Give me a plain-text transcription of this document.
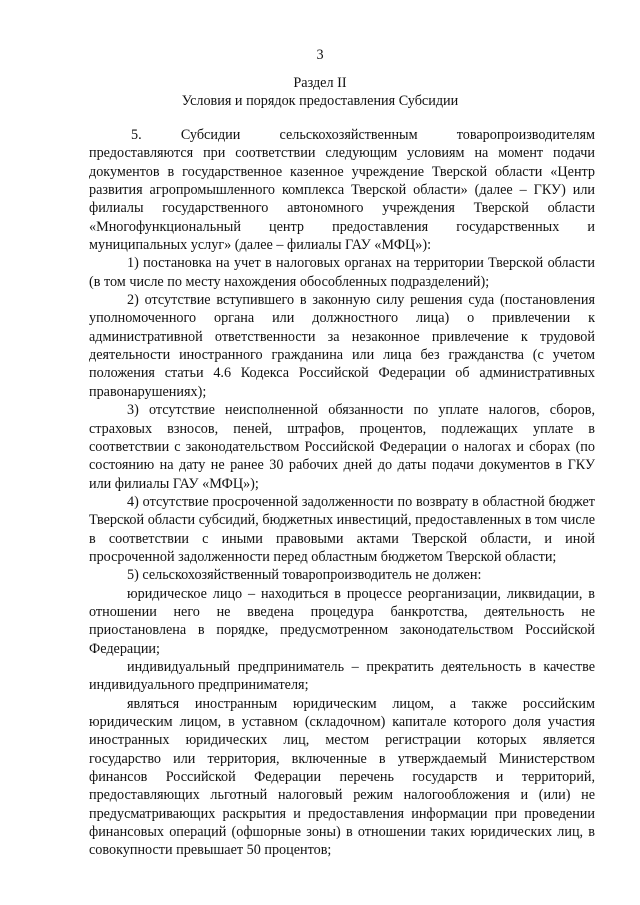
3
Раздел II
Условия и порядок предоставления Субсидии

5. Субсидии сельскохозяйственным товаропроизводителям предоставляются при соответствии следующим условиям на момент подачи документов в государственное казенное учреждение Тверской области «Центр развития агропромышленного комплекса Тверской области» (далее – ГКУ) или филиалы государственного автономного учреждения Тверской области «Многофункциональный центр предоставления государственных и муниципальных услуг» (далее – филиалы ГАУ «МФЦ»):

1) постановка на учет в налоговых органах на территории Тверской области (в том числе по месту нахождения обособленных подразделений);

2) отсутствие вступившего в законную силу решения суда (постановления уполномоченного органа или должностного лица) о привлечении к административной ответственности за незаконное привлечение к трудовой деятельности иностранного гражданина или лица без гражданства (с учетом положения статьи 4.6 Кодекса Российской Федерации об административных правонарушениях);

3) отсутствие неисполненной обязанности по уплате налогов, сборов, страховых взносов, пеней, штрафов, процентов, подлежащих уплате в соответствии с законодательством Российской Федерации о налогах и сборах (по состоянию на дату не ранее 30 рабочих дней до даты подачи документов в ГКУ или филиалы ГАУ «МФЦ»);

4) отсутствие просроченной задолженности по возврату в областной бюджет Тверской области субсидий, бюджетных инвестиций, предоставленных в том числе в соответствии с иными правовыми актами Тверской области, и иной просроченной задолженности перед областным бюджетом Тверской области;

5) сельскохозяйственный товаропроизводитель не должен:

юридическое лицо – находиться в процессе реорганизации, ликвидации, в отношении него не введена процедура банкротства, деятельность не приостановлена в порядке, предусмотренном законодательством Российской Федерации;

индивидуальный предприниматель – прекратить деятельность в качестве индивидуального предпринимателя;

являться иностранным юридическим лицом, а также российским юридическим лицом, в уставном (складочном) капитале которого доля участия иностранных юридических лиц, местом регистрации которых является государство или территория, включенные в утверждаемый Министерством финансов Российской Федерации перечень государств и территорий, предоставляющих льготный налоговый режим налогообложения и (или) не предусматривающих раскрытия и предоставления информации при проведении финансовых операций (офшорные зоны) в отношении таких юридических лиц, в совокупности превышает 50 процентов;
